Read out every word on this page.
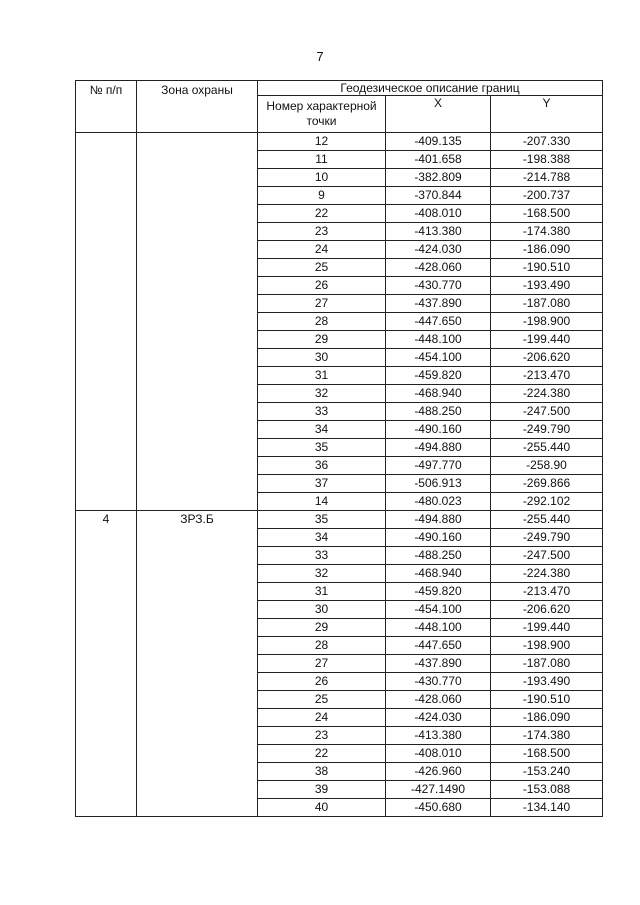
7
№ п/п	Зона охраны	Геодезическое описание границ		
		Номер характерной точки	X	Y
		12	-409.135	-207.330
		11	-401.658	-198.388
		10	-382.809	-214.788
		9	-370.844	-200.737
		22	-408.010	-168.500
		23	-413.380	-174.380
		24	-424.030	-186.090
		25	-428.060	-190.510
		26	-430.770	-193.490
		27	-437.890	-187.080
		28	-447.650	-198.900
		29	-448.100	-199.440
		30	-454.100	-206.620
		31	-459.820	-213.470
		32	-468.940	-224.380
		33	-488.250	-247.500
		34	-490.160	-249.790
		35	-494.880	-255.440
		36	-497.770	-258.90
		37	-506.913	-269.866
		14	-480.023	-292.102
4	ЗРЗ.Б	35	-494.880	-255.440
		34	-490.160	-249.790
		33	-488.250	-247.500
		32	-468.940	-224.380
		31	-459.820	-213.470
		30	-454.100	-206.620
		29	-448.100	-199.440
		28	-447.650	-198.900
		27	-437.890	-187.080
		26	-430.770	-193.490
		25	-428.060	-190.510
		24	-424.030	-186.090
		23	-413.380	-174.380
		22	-408.010	-168.500
		38	-426.960	-153.240
		39	-427.1490	-153.088
		40	-450.680	-134.140
